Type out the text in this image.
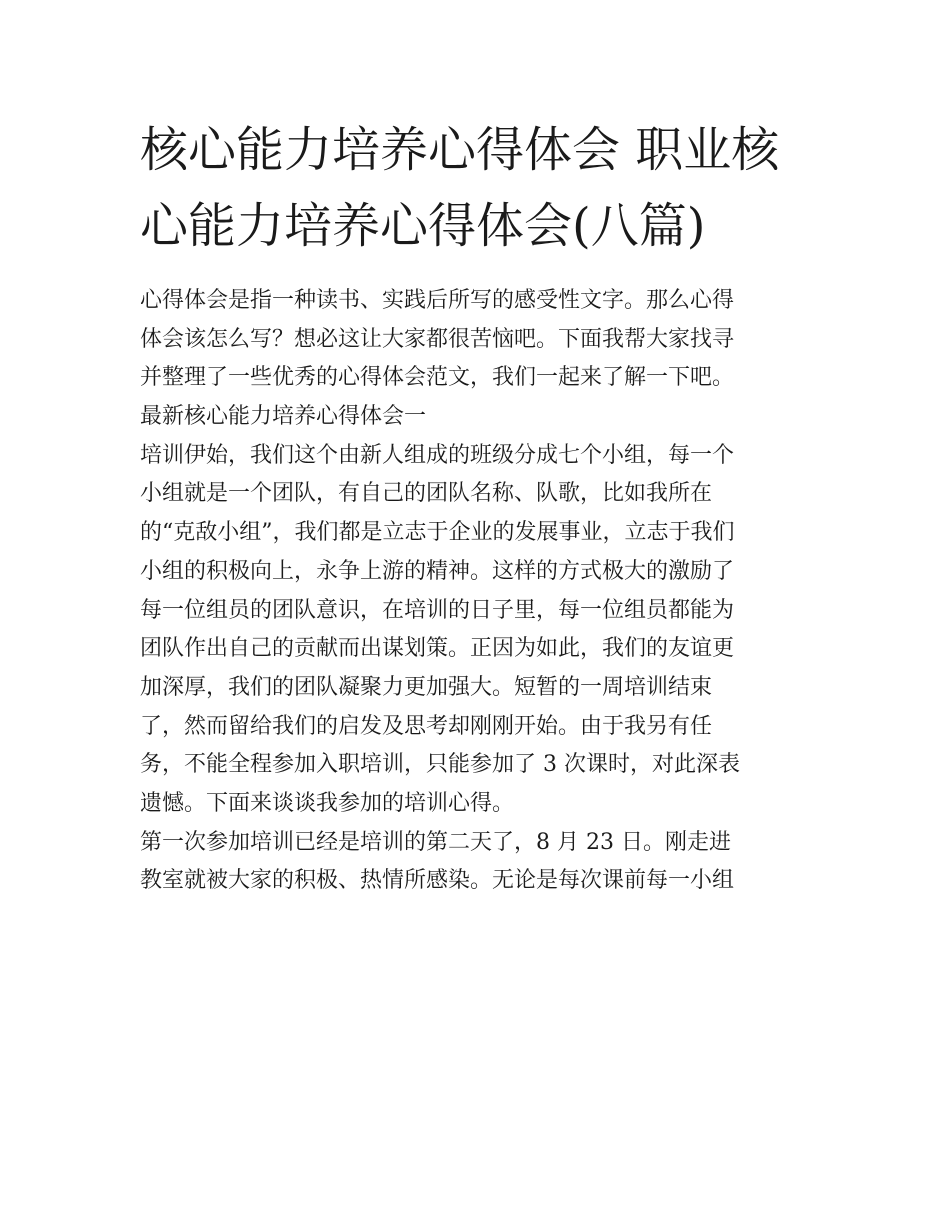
核心能力培养心得体会 职业核
心能力培养心得体会(八篇)
心得体会是指一种读书、实践后所写的感受性文字。那么心得
体会该怎么写？想必这让大家都很苦恼吧。下面我帮大家找寻
并整理了一些优秀的心得体会范文，我们一起来了解一下吧。
最新核心能力培养心得体会一
培训伊始，我们这个由新人组成的班级分成七个小组，每一个
小组就是一个团队，有自己的团队名称、队歌，比如我所在
的“克敌小组”，我们都是立志于企业的发展事业，立志于我们
小组的积极向上，永争上游的精神。这样的方式极大的激励了
每一位组员的团队意识，在培训的日子里，每一位组员都能为
团队作出自己的贡献而出谋划策。正因为如此，我们的友谊更
加深厚，我们的团队凝聚力更加强大。短暂的一周培训结束
了，然而留给我们的启发及思考却刚刚开始。由于我另有任
务，不能全程参加入职培训，只能参加了 3 次课时，对此深表
遗憾。下面来谈谈我参加的培训心得。
第一次参加培训已经是培训的第二天了，8 月 23 日。刚走进
教室就被大家的积极、热情所感染。无论是每次课前每一小组
